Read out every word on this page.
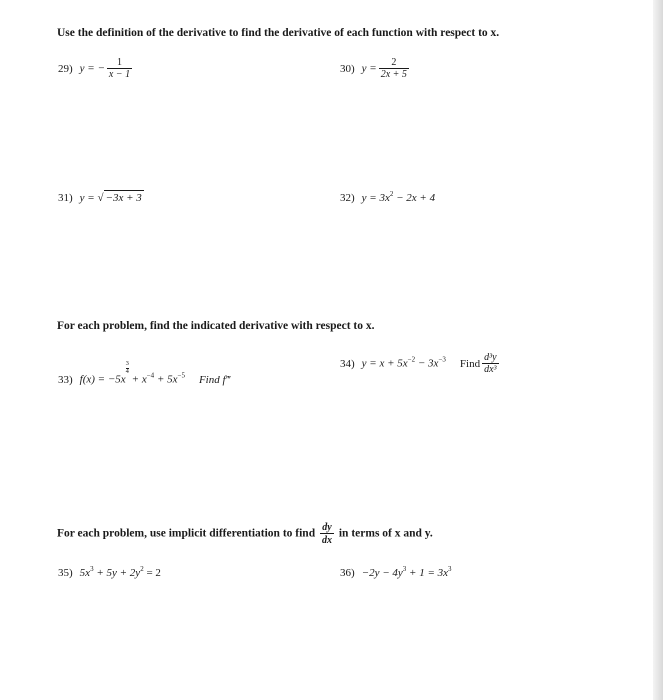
Use the definition of the derivative to find the derivative of each function with respect to x.
29) y = − $\frac{1}{x - 1}$	30) $y = \frac{2}{2x + 5}$
31) y = √ −3x + 3	32) $y = 3x^2 - 2x + 4$
For each problem, find the indicated derivative with respect to x.
33) f(x) = −5x
$\frac{3}{4}$
+ $x^{-4} + 5x^{-5}$ Find f‴
34) $y = x + 5x^{-2} - 3x^{-3}$ Find $\frac{\text{d³y}}{\text{dx³}}$
For each problem, use implicit differentiation to find $\frac{dy}{dx}$ in terms of x and y.
35) $5x^3 + 5y + 2y^2 = 2$	$36) -2y - 4y^3 + 1 = 3x^3$
